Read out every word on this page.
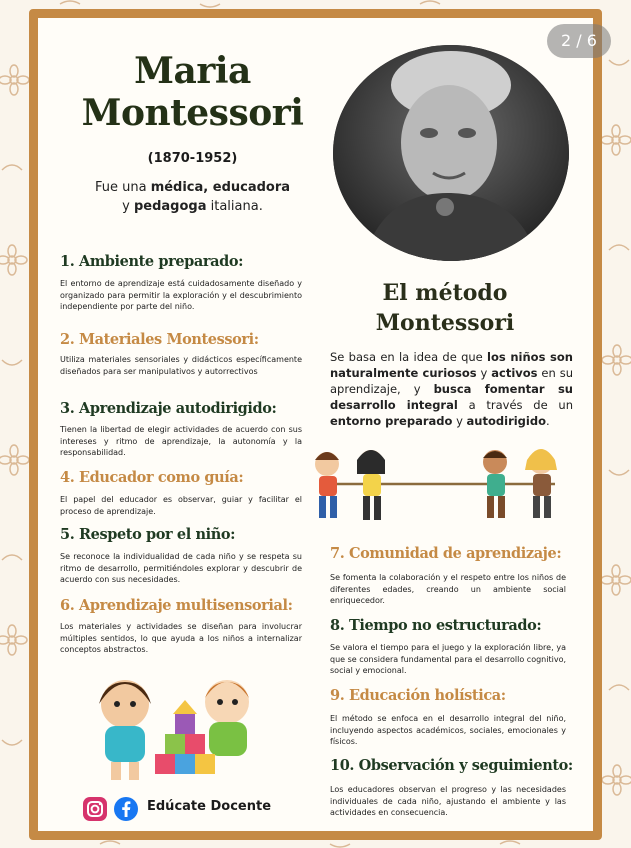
2 / 6
Maria
Montessori
(1870-1952)
Fue una médica, educadora
y pedagoga italiana.
1. Ambiente preparado:
El entorno de aprendizaje está cuidadosamente diseñado y organizado para permitir la exploración y el descubrimiento independiente por parte del niño.
2. Materiales Montessori:
Utiliza materiales sensoriales y didácticos específicamente diseñados para ser manipulativos y autorrectivos
3. Aprendizaje autodirigido:
Tienen la libertad de elegir actividades de acuerdo con sus intereses y ritmo de aprendizaje, la autonomía y la responsabilidad.
4. Educador como guía:
El papel del educador es observar, guiar y facilitar el proceso de aprendizaje.
5. Respeto por el niño:
Se reconoce la individualidad de cada niño y se respeta su ritmo de desarrollo, permitiéndoles explorar y descubrir de acuerdo con sus necesidades.
6. Aprendizaje multisensorial:
Los materiales y actividades se diseñan para involucrar múltiples sentidos, lo que ayuda a los niños a internalizar conceptos abstractos.
El método
Montessori
Se basa en la idea de que los niños son naturalmente curiosos y activos en su aprendizaje, y busca fomentar su desarrollo integral a través de un entorno preparado y autodirigido.
7. Comunidad de aprendizaje:
Se fomenta la colaboración y el respeto entre los niños de diferentes edades, creando un ambiente social enriquecedor.
8. Tiempo no estructurado:
Se valora el tiempo para el juego y la exploración libre, ya que se considera fundamental para el desarrollo cognitivo, social y emocional.
9. Educación holística:
El método se enfoca en el desarrollo integral del niño, incluyendo aspectos académicos, sociales, emocionales y físicos.
10. Observación y seguimiento:
Los educadores observan el progreso y las necesidades individuales de cada niño, ajustando el ambiente y las actividades en consecuencia.
Edúcate Docente
